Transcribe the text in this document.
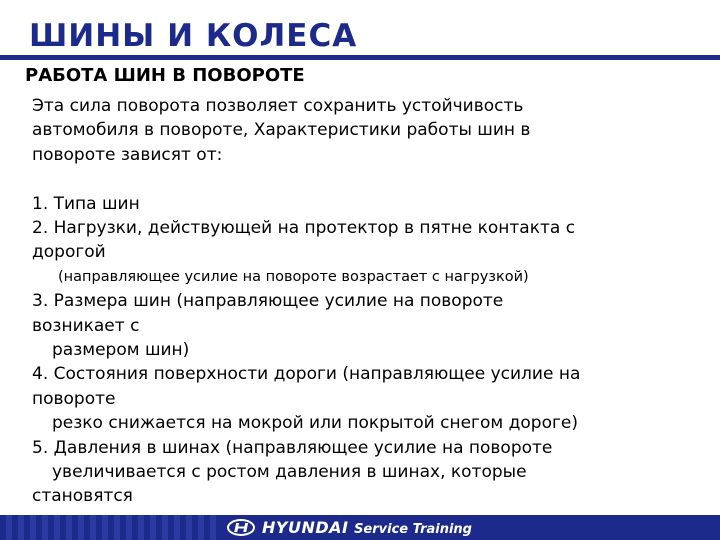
ШИНЫ И КОЛЕСА
РАБОТА ШИН В ПОВОРОТЕ

Эта сила поворота позволяет сохранить устойчивость

автомобиля в повороте, Характеристики работы шин в

повороте зависят от:

1. Типа шин

2. Нагрузки, действующей на протектор в пятне контакта с

дорогой

(направляющее усилие на повороте возрастает с нагрузкой)

3. Размера шин (направляющее усилие на повороте

возникает с

размером шин)

4. Состояния поверхности дороги (направляющее усилие на

повороте

резко снижается на мокрой или покрытой снегом дороге)

5. Давления в шинах (направляющее усилие на повороте

увеличивается с ростом давления в шинах, которые

становятся

HYUNDAI Service Training
